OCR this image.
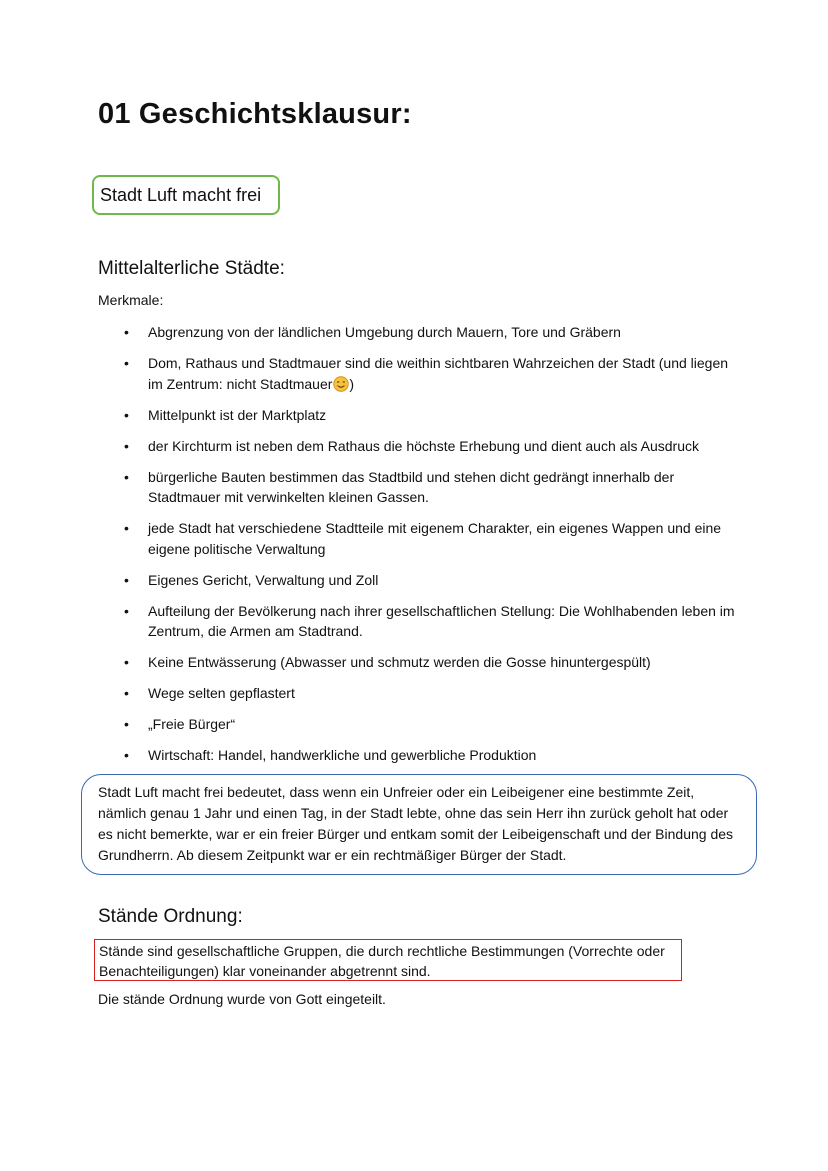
01 Geschichtsklausur:
Stadt Luft macht frei
Mittelalterliche Städte:
Merkmale:
• Abgrenzung von der ländlichen Umgebung durch Mauern, Tore und Gräbern
• Dom, Rathaus und Stadtmauer sind die weithin sichtbaren Wahrzeichen der Stadt (und liegen im Zentrum: nicht Stadtmauer )
• Mittelpunkt ist der Marktplatz
• der Kirchturm ist neben dem Rathaus die höchste Erhebung und dient auch als Ausdruck
• bürgerliche Bauten bestimmen das Stadtbild und stehen dicht gedrängt innerhalb der Stadtmauer mit verwinkelten kleinen Gassen.
• jede Stadt hat verschiedene Stadtteile mit eigenem Charakter, ein eigenes Wappen und eine eigene politische Verwaltung
• Eigenes Gericht, Verwaltung und Zoll
• Aufteilung der Bevölkerung nach ihrer gesellschaftlichen Stellung: Die Wohlhabenden leben im Zentrum, die Armen am Stadtrand.
• Keine Entwässerung (Abwasser und schmutz werden die Gosse hinuntergespült)
• Wege selten gepflastert
• „Freie Bürger“
• Wirtschaft: Handel, handwerkliche und gewerbliche Produktion
Stadt Luft macht frei bedeutet, dass wenn ein Unfreier oder ein Leibeigener eine bestimmte Zeit, nämlich genau 1 Jahr und einen Tag, in der Stadt lebte, ohne das sein Herr ihn zurück geholt hat oder es nicht bemerkte, war er ein freier Bürger und entkam somit der Leibeigenschaft und der Bindung des Grundherrn. Ab diesem Zeitpunkt war er ein rechtmäßiger Bürger der Stadt.
Stände Ordnung:
Stände sind gesellschaftliche Gruppen, die durch rechtliche Bestimmungen (Vorrechte oder Benachteiligungen) klar voneinander abgetrennt sind.
Die stände Ordnung wurde von Gott eingeteilt.
